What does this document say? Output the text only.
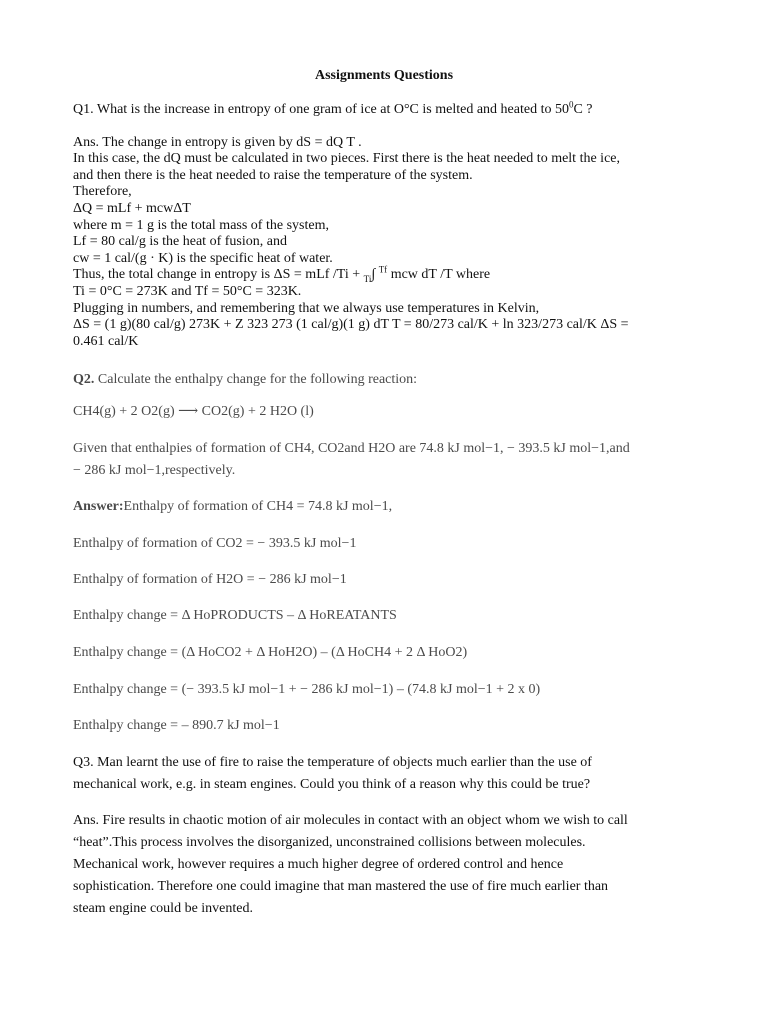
Assignments Questions
Q1. What is the increase in entropy of one gram of ice at O°C is melted and heated to $50^0C$ ?
Ans. The change in entropy is given by dS = dQ T .
In this case, the dQ must be calculated in two pieces. First there is the heat needed to melt the ice,
and then there is the heat needed to raise the temperature of the system.
Therefore,
ΔQ = mLf + mcwΔT
where m = 1 g is the total mass of the system,
Lf = 80 cal/g is the heat of fusion, and
cw = 1 cal/(g · K) is the specific heat of water.
Thus, the total change in entropy is ΔS = mLf /Ti + $_{Ti}$∫ $^{Tf}$ mcw dT /T where
Ti = 0°C = 273K and Tf = 50°C = 323K.
Plugging in numbers, and remembering that we always use temperatures in Kelvin,
ΔS = (1 g)(80 cal/g) 273K + Z 323 273 (1 cal/g)(1 g) dT T = 80/273 cal/K + ln 323/273 cal/K ΔS =
0.461 cal/K
Q2. Calculate the enthalpy change for the following reaction:
CH4(g) + 2 O2(g) ⟶ CO2(g) + 2 H2O (l)
Given that enthalpies of formation of CH4, CO2and H2O are 74.8 kJ mol−1, − 393.5 kJ mol−1,and
− 286 kJ mol−1,respectively.
Answer:Enthalpy of formation of CH4 = 74.8 kJ mol−1,
Enthalpy of formation of CO2 = − 393.5 kJ mol−1
Enthalpy of formation of H2O = − 286 kJ mol−1
Enthalpy change = Δ HoPRODUCTS – Δ HoREATANTS
Enthalpy change = (Δ HoCO2 + Δ HoH2O) – (Δ HoCH4 + 2 Δ HoO2)
Enthalpy change = (− 393.5 kJ mol−1 + − 286 kJ mol−1) – (74.8 kJ mol−1 + 2 x 0)
Enthalpy change = – 890.7 kJ mol−1
Q3. Man learnt the use of fire to raise the temperature of objects much earlier than the use of
mechanical work, e.g. in steam engines. Could you think of a reason why this could be true?
Ans. Fire results in chaotic motion of air molecules in contact with an object whom we wish to call
“heat”.This process involves the disorganized, unconstrained collisions between molecules.
Mechanical work, however requires a much higher degree of ordered control and hence
sophistication. Therefore one could imagine that man mastered the use of fire much earlier than
steam engine could be invented.
